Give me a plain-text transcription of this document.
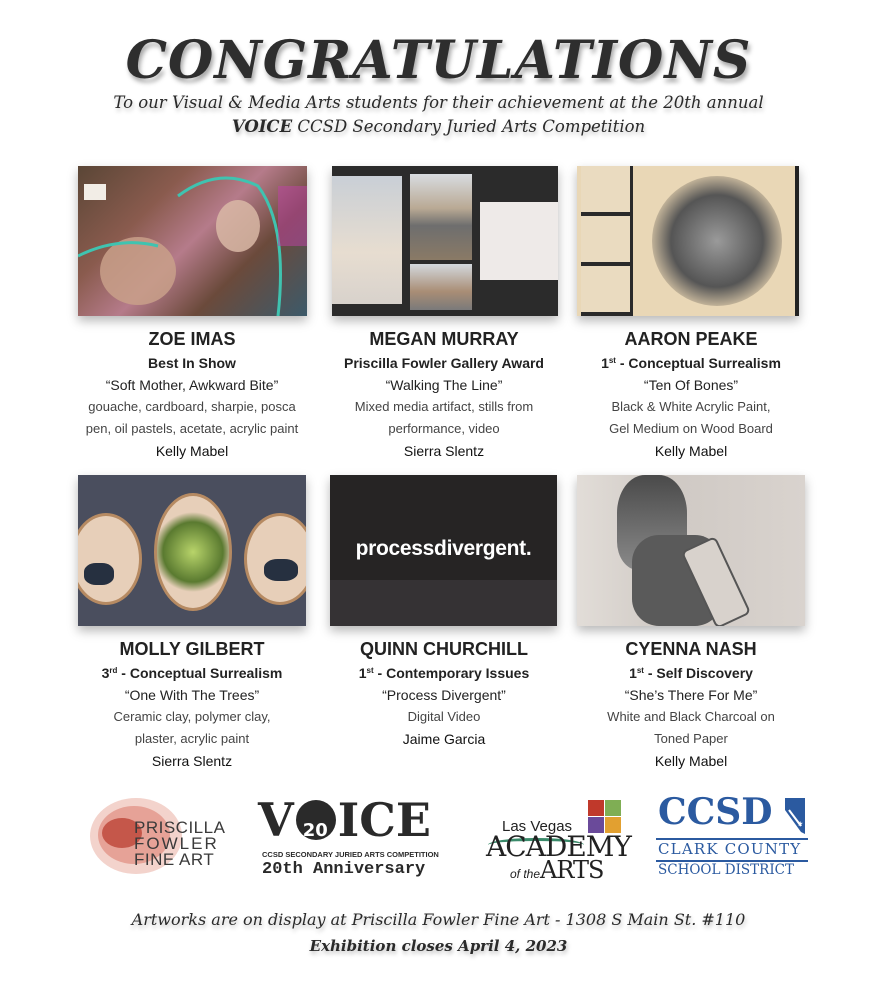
CONGRATULATIONS
To our Visual & Media Arts students for their achievement at the 20th annual
VOICE CCSD Secondary Juried Arts Competition
ZOE IMAS
Best In Show
“Soft Mother, Awkward Bite”
gouache, cardboard, sharpie, posca
pen, oil pastels, acetate, acrylic paint
Kelly Mabel
MEGAN MURRAY
Priscilla Fowler Gallery Award
“Walking The Line”
Mixed media artifact, stills from
performance, video
Sierra Slentz
AARON PEAKE
1st - Conceptual Surrealism
“Ten Of Bones”
Black & White Acrylic Paint,
Gel Medium on Wood Board
Kelly Mabel
processdivergent.
MOLLY GILBERT
3rd - Conceptual Surrealism
“One With The Trees”
Ceramic clay, polymer clay,
plaster, acrylic paint
Sierra Slentz
QUINN CHURCHILL
1st - Contemporary Issues
“Process Divergent”
Digital Video
Jaime Garcia
CYENNA NASH
1st - Self Discovery
“She’s There For Me”
White and Black Charcoal on
Toned Paper
Kelly Mabel
PRISCILLA
FOWLER
FINE ART
V 20 ICE
CCSD SECONDARY JURIED ARTS COMPETITION
20th Anniversary
Las Vegas
ACADEMY
of theARTS
CCSD	★
CLARK COUNTY
SCHOOL DISTRICT
Artworks are on display at Priscilla Fowler Fine Art - 1308 S Main St. #110
Exhibition closes April 4, 2023
